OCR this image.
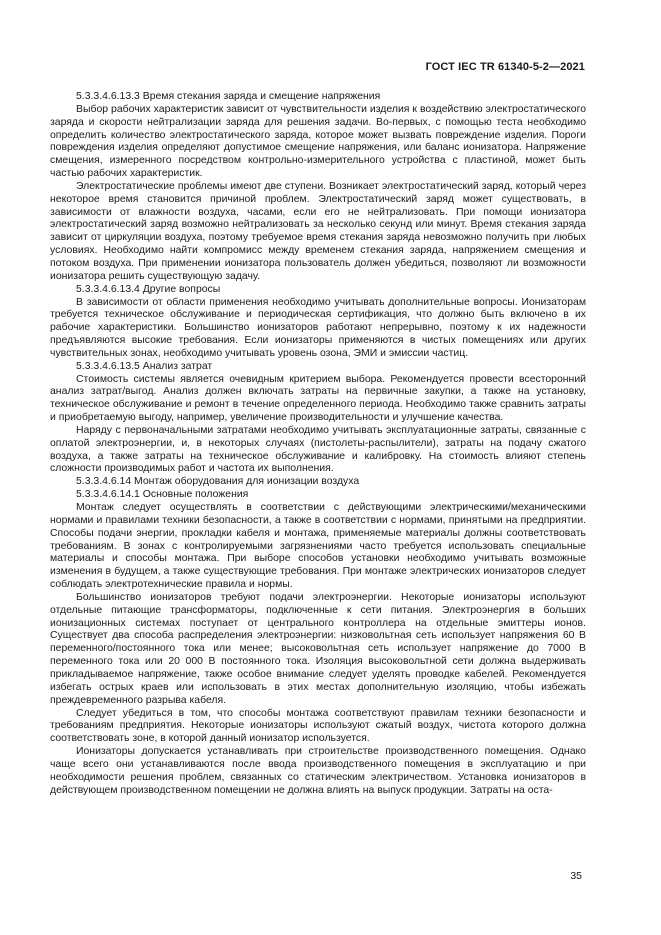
ГОСТ IEC TR 61340-5-2—2021

5.3.3.4.6.13.3 Время стекания заряда и смещение напряжения

Выбор рабочих характеристик зависит от чувствительности изделия к воздействию электростатического заряда и скорости нейтрализации заряда для решения задачи. Во-первых, с помощью теста необходимо определить количество электростатического заряда, которое может вызвать повреждение изделия. Пороги повреждения изделия определяют допустимое смещение напряжения, или баланс ионизатора. Напряжение смещения, измеренного посредством контрольно-измерительного устройства с пластиной, может быть частью рабочих характеристик.

Электростатические проблемы имеют две ступени. Возникает электростатический заряд, который через некоторое время становится причиной проблем. Электростатический заряд может существовать, в зависимости от влажности воздуха, часами, если его не нейтрализовать. При помощи ионизатора электростатический заряд возможно нейтрализовать за несколько секунд или минут. Время стекания заряда зависит от циркуляции воздуха, поэтому требуемое время стекания заряда невозможно получить при любых условиях. Необходимо найти компромисс между временем стекания заряда, напряжением смещения и потоком воздуха. При применении ионизатора пользователь должен убедиться, позволяют ли возможности ионизатора решить существующую задачу.

5.3.3.4.6.13.4 Другие вопросы

В зависимости от области применения необходимо учитывать дополнительные вопросы. Ионизаторам требуется техническое обслуживание и периодическая сертификация, что должно быть включено в их рабочие характеристики. Большинство ионизаторов работают непрерывно, поэтому к их надежности предъявляются высокие требования. Если ионизаторы применяются в чистых помещениях или других чувствительных зонах, необходимо учитывать уровень озона, ЭМИ и эмиссии частиц.

5.3.3.4.6.13.5 Анализ затрат

Стоимость системы является очевидным критерием выбора. Рекомендуется провести всесторонний анализ затрат/выгод. Анализ должен включать затраты на первичные закупки, а также на установку, техническое обслуживание и ремонт в течение определенного периода. Необходимо также сравнить затраты и приобретаемую выгоду, например, увеличение производительности и улучшение качества.

Наряду с первоначальными затратами необходимо учитывать эксплуатационные затраты, связанные с оплатой электроэнергии, и, в некоторых случаях (пистолеты-распылители), затраты на подачу сжатого воздуха, а также затраты на техническое обслуживание и калибровку. На стоимость влияют степень сложности производимых работ и частота их выполнения.

5.3.3.4.6.14 Монтаж оборудования для ионизации воздуха

5.3.3.4.6.14.1 Основные положения

Монтаж следует осуществлять в соответствии с действующими электрическими/механическими нормами и правилами техники безопасности, а также в соответствии с нормами, принятыми на предприятии. Способы подачи энергии, прокладки кабеля и монтажа, применяемые материалы должны соответствовать требованиям. В зонах с контролируемыми загрязнениями часто требуется использовать специальные материалы и способы монтажа. При выборе способов установки необходимо учитывать возможные изменения в будущем, а также существующие требования. При монтаже электрических ионизаторов следует соблюдать электротехнические правила и нормы.

Большинство ионизаторов требуют подачи электроэнергии. Некоторые ионизаторы используют отдельные питающие трансформаторы, подключенные к сети питания. Электроэнергия в больших ионизационных системах поступает от центрального контроллера на отдельные эмиттеры ионов. Существует два способа распределения электроэнергии: низковольтная сеть использует напряжения 60 В переменного/постоянного тока или менее; высоковольтная сеть использует напряжение до 7000 В переменного тока или 20 000 В постоянного тока. Изоляция высоковольтной сети должна выдерживать прикладываемое напряжение, также особое внимание следует уделять проводке кабелей. Рекомендуется избегать острых краев или использовать в этих местах дополнительную изоляцию, чтобы избежать преждевременного разрыва кабеля.

Следует убедиться в том, что способы монтажа соответствуют правилам техники безопасности и требованиям предприятия. Некоторые ионизаторы используют сжатый воздух, чистота которого должна соответствовать зоне, в которой данный ионизатор используется.

Ионизаторы допускается устанавливать при строительстве производственного помещения. Однако чаще всего они устанавливаются после ввода производственного помещения в эксплуатацию и при необходимости решения проблем, связанных со статическим электричеством. Установка ионизаторов в действующем производственном помещении не должна влиять на выпуск продукции. Затраты на оста-

35
